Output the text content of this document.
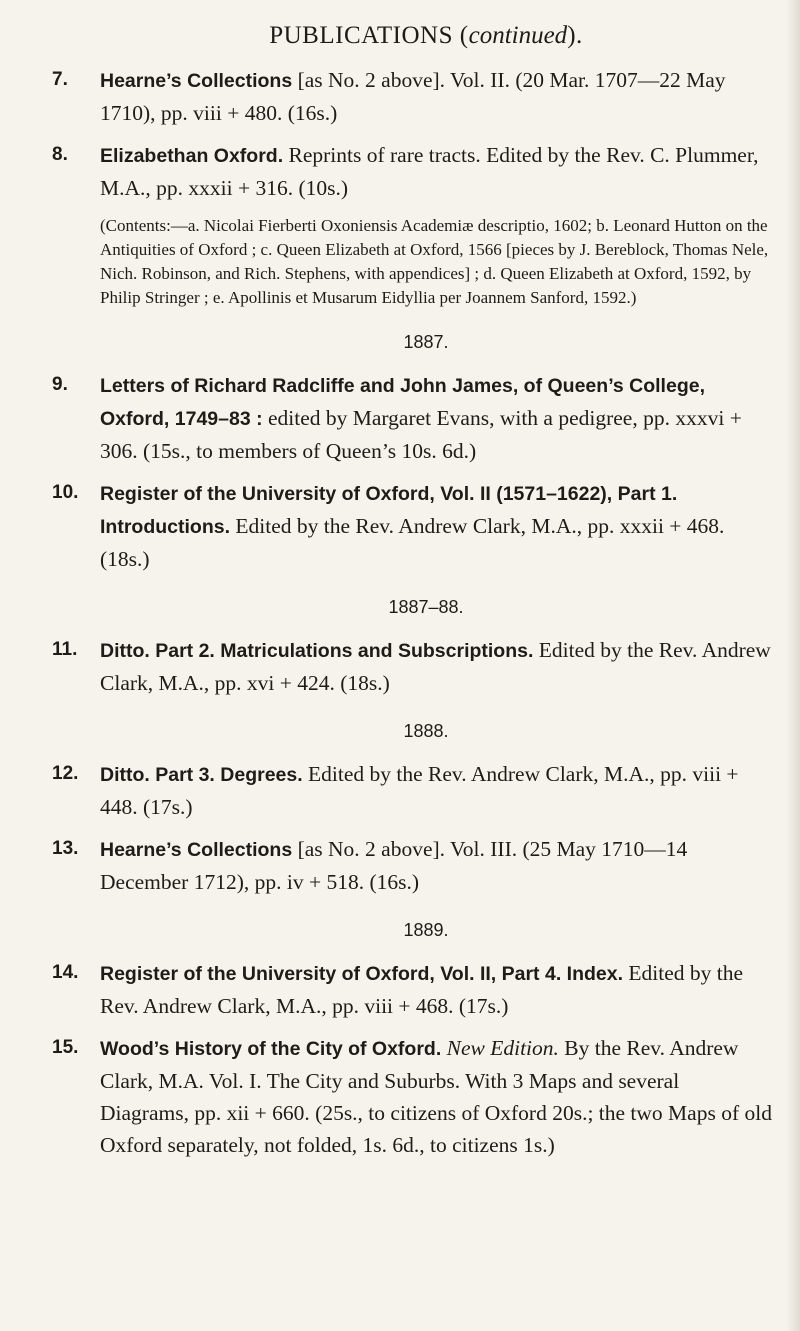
PUBLICATIONS (continued).
7.	Hearne’s Collections [as No. 2 above]. Vol. II. (20 Mar. 1707—22 May 1710), pp. viii + 480. (16s.)
8.	Elizabethan Oxford. Reprints of rare tracts. Edited by the Rev. C. Plummer, M.A., pp. xxxii + 316. (10s.)
(Contents:—a. Nicolai Fierberti Oxoniensis Academiæ descriptio, 1602; b. Leonard Hutton on the Antiquities of Oxford ; c. Queen Elizabeth at Oxford, 1566 [pieces by J. Bereblock, Thomas Nele, Nich. Robinson, and Rich. Stephens, with appendices] ; d. Queen Elizabeth at Oxford, 1592, by Philip Stringer ; e. Apollinis et Musarum Eidyllia per Joannem Sanford, 1592.)
1887.
9.	Letters of Richard Radcliffe and John James, of Queen’s College, Oxford, 1749–83 : edited by Margaret Evans, with a pedigree, pp. xxxvi + 306. (15s., to members of Queen’s 10s. 6d.)
10.	Register of the University of Oxford, Vol. II (1571–1622), Part 1. Introductions. Edited by the Rev. Andrew Clark, M.A., pp. xxxii + 468. (18s.)
1887–88.
11.	Ditto. Part 2. Matriculations and Subscriptions. Edited by the Rev. Andrew Clark, M.A., pp. xvi + 424. (18s.)
1888.
12.	Ditto. Part 3. Degrees. Edited by the Rev. Andrew Clark, M.A., pp. viii + 448. (17s.)
13.	Hearne’s Collections [as No. 2 above]. Vol. III. (25 May 1710—14 December 1712), pp. iv + 518. (16s.)
1889.
14.	Register of the University of Oxford, Vol. II, Part 4. Index. Edited by the Rev. Andrew Clark, M.A., pp. viii + 468. (17s.)
15.	Wood’s History of the City of Oxford. New Edition. By the Rev. Andrew Clark, M.A. Vol. I. The City and Suburbs. With 3 Maps and several Diagrams, pp. xii + 660. (25s., to citizens of Oxford 20s.; the two Maps of old Oxford separately, not folded, 1s. 6d., to citizens 1s.)
